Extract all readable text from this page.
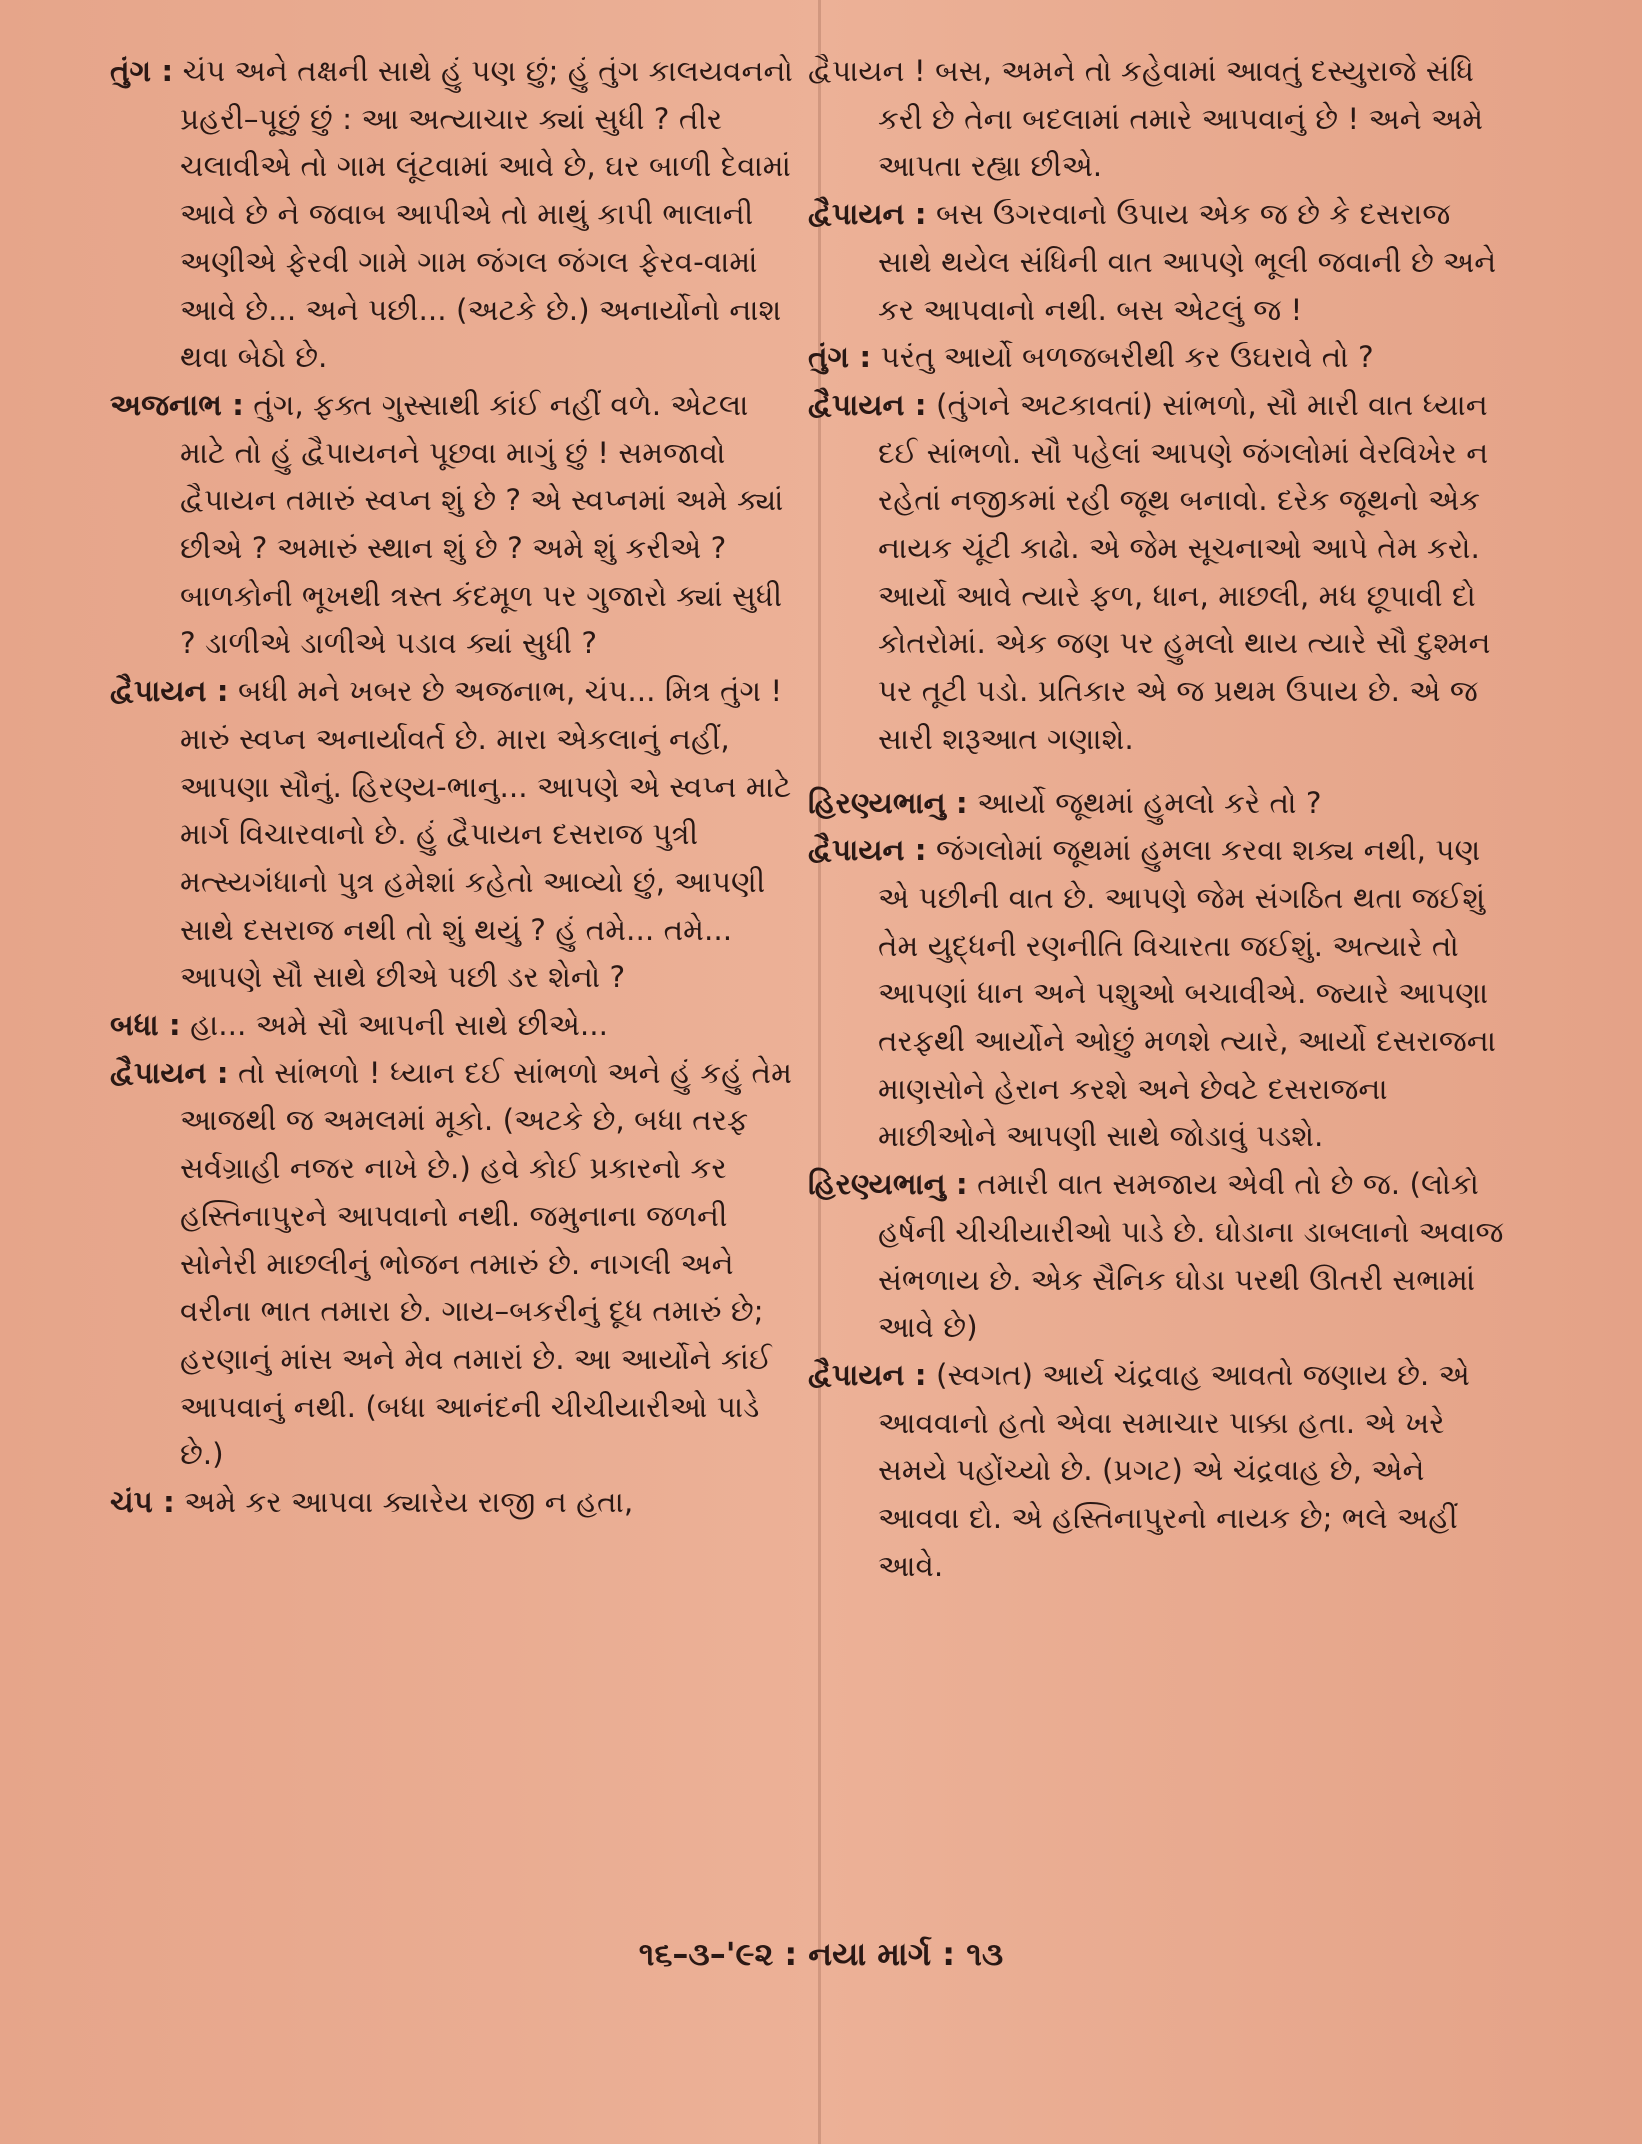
તુંગ : ચંપ અને તક્ષની સાથે હું પણ છું; હું તુંગ કાલયવનનો પ્રહરી–પૂછું છું : આ અત્યાચાર ક્યાં સુધી ? તીર ચલાવીએ તો ગામ લૂંટવામાં આવે છે, ઘર બાળી દેવામાં આવે છે ને જવાબ આપીએ તો માથું કાપી ભાલાની અણીએ ફેરવી ગામે ગામ જંગલ જંગલ ફેરવ-વામાં આવે છે... અને પછી... (અટકે છે.) અનાર્યોનો નાશ થવા બેઠો છે.

અજનાભ : તુંગ, ફક્ત ગુસ્સાથી કાંઈ નહીં વળે. એટલા માટે તો હું દ્વૈપાયનને પૂછવા માગું છું ! સમજાવો દ્વૈપાયન તમારું સ્વપ્ન શું છે ? એ સ્વપ્નમાં અમે ક્યાં છીએ ? અમારું સ્થાન શું છે ? અમે શું કરીએ ? બાળકોની ભૂખથી ત્રસ્ત કંદમૂળ પર ગુજારો ક્યાં સુધી ? ડાળીએ ડાળીએ પડાવ ક્યાં સુધી ?

દ્વૈપાયન : બધી મને ખબર છે અજનાભ, ચંપ... મિત્ર તુંગ ! મારું સ્વપ્ન અનાર્યાવર્ત છે. મારા એકલાનું નહીં, આપણા સૌનું. હિરણ્ય-ભાનુ... આપણે એ સ્વપ્ન માટે માર્ગ વિચારવાનો છે. હું દ્વૈપાયન દસરાજ પુત્રી મત્સ્યગંધાનો પુત્ર હમેશાં કહેતો આવ્યો છું, આપણી સાથે દસરાજ નથી તો શું થયું ? હું તમે... તમે... આપણે સૌ સાથે છીએ પછી ડર શેનો ?

બધા : હા... અમે સૌ આપની સાથે છીએ...

દ્વૈપાયન : તો સાંભળો ! ધ્યાન દઈ સાંભળો અને હું કહું તેમ આજથી જ અમલમાં મૂકો. (અટકે છે, બધા તરફ સર્વગ્રાહી નજર નાખે છે.) હવે કોઈ પ્રકારનો કર હસ્તિનાપુરને આપવાનો નથી. જમુનાના જળની સોનેરી માછલીનું ભોજન તમારું છે. નાગલી અને વરીના ભાત તમારા છે. ગાય–બકરીનું દૂધ તમારું છે; હરણાનું માંસ અને મેવ તમારાં છે. આ આર્યોને કાંઈ આપવાનું નથી. (બધા આનંદની ચીચીયારીઓ પાડે છે.)

ચંપ : અમે કર આપવા ક્યારેય રાજી ન હતા,

દ્વૈપાયન ! બસ, અમને તો કહેવામાં આવતું દસ્યુરાજે સંધિ કરી છે તેના બદલામાં તમારે આપવાનું છે ! અને અમે આપતા રહ્યા છીએ.

દ્વૈપાયન : બસ ઉગરવાનો ઉપાય એક જ છે કે દસરાજ સાથે થયેલ સંધિની વાત આપણે ભૂલી જવાની છે અને કર આપવાનો નથી. બસ એટલું જ !

તુંગ : પરંતુ આર્યો બળજબરીથી કર ઉઘરાવે તો ?

દ્વૈપાયન : (તુંગને અટકાવતાં) સાંભળો, સૌ મારી વાત ધ્યાન દઈ સાંભળો. સૌ પહેલાં આપણે જંગલોમાં વેરવિખેર ન રહેતાં નજીકમાં રહી જૂથ બનાવો. દરેક જૂથનો એક નાયક ચૂંટી કાઢો. એ જેમ સૂચનાઓ આપે તેમ કરો. આર્યો આવે ત્યારે ફળ, ધાન, માછલી, મધ છૂપાવી દો કોતરોમાં. એક જણ પર હુમલો થાય ત્યારે સૌ દુશ્મન પર તૂટી પડો. પ્રતિકાર એ જ પ્રથમ ઉપાય છે. એ જ સારી શરૂઆત ગણાશે.

હિરણ્યભાનુ : આર્યો જૂથમાં હુમલો કરે તો ?

દ્વૈપાયન : જંગલોમાં જૂથમાં હુમલા કરવા શક્ય નથી, પણ એ પછીની વાત છે. આપણે જેમ સંગઠિત થતા જઈશું તેમ યુદ્ધની રણનીતિ વિચારતા જઈશું. અત્યારે તો આપણાં ધાન અને પશુઓ બચાવીએ. જ્યારે આપણા તરફથી આર્યોને ઓછું મળશે ત્યારે, આર્યો દસરાજના માણસોને હેરાન કરશે અને છેવટે દસરાજના માછીઓને આપણી સાથે જોડાવું પડશે.

હિરણ્યભાનુ : તમારી વાત સમજાય એવી તો છે જ. (લોકો હર્ષની ચીચીયારીઓ પાડે છે. ઘોડાના ડાબલાનો અવાજ સંભળાય છે. એક સૈનિક ઘોડા પરથી ઊતરી સભામાં આવે છે)

દ્વૈપાયન : (સ્વગત) આર્ય ચંદ્રવાહ આવતો જણાય છે. એ આવવાનો હતો એવા સમાચાર પાક્કા હતા. એ ખરે સમયે પહોંચ્યો છે. (પ્રગટ) એ ચંદ્રવાહ છે, એને આવવા દો. એ હસ્તિનાપુરનો નાયક છે; ભલે અહીં આવે.

૧૬–૩–'૯૨ : નયા માર્ગ : ૧૩
